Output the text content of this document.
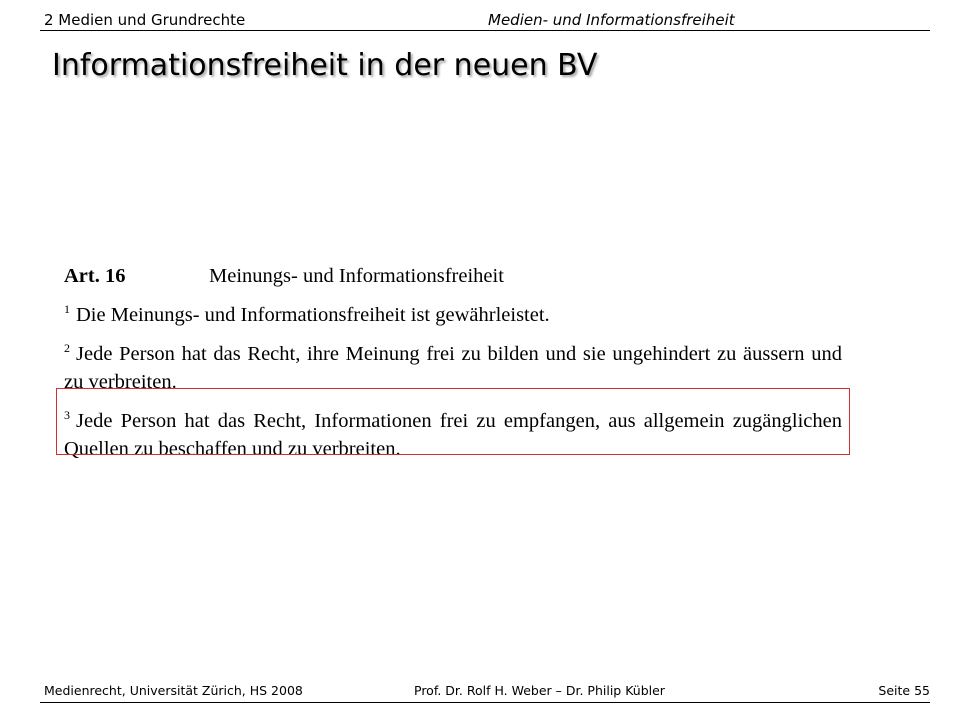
2 Medien und Grundrechte	Medien- und Informationsfreiheit
Informationsfreiheit in der neuen BV
Art. 16	Meinungs- und Informationsfreiheit
$^1$ Die Meinungs- und Informationsfreiheit ist gewährleistet.
$^2$ Jede Person hat das Recht, ihre Meinung frei zu bilden und sie ungehindert zu äussern und zu verbreiten.
$^3$ Jede Person hat das Recht, Informationen frei zu empfangen, aus allgemein zugänglichen Quellen zu beschaffen und zu verbreiten.
Medienrecht, Universität Zürich, HS 2008	Prof. Dr. Rolf H. Weber – Dr. Philip Kübler	Seite 55
